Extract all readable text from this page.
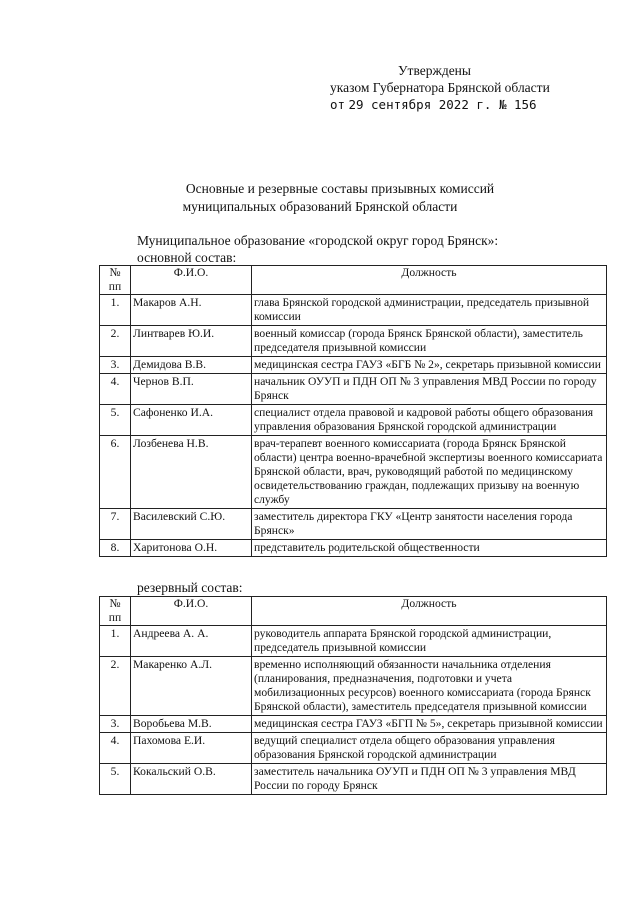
Утверждены
указом Губернатора Брянской области
от 29 сентября 2022 г. № 156
Основные и резервные составы призывных комиссий
муниципальных образований Брянской области
Муниципальное образование «городской округ город Брянск»:
основной состав:
№ пп	Ф.И.О.	Должность
1.	Макаров А.Н.	глава Брянской городской администрации, председатель призывной комиссии
2.	Линтварев Ю.И.	военный комиссар (города Брянск Брянской области), заместитель председателя призывной комиссии
3.	Демидова В.В.	медицинская сестра ГАУЗ «БГБ № 2», секретарь призывной комиссии
4.	Чернов В.П.	начальник ОУУП и ПДН ОП № 3 управления МВД России по городу Брянск
5.	Сафоненко И.А.	специалист отдела правовой и кадровой работы общего образования управления образования Брянской городской администрации
6.	Лозбенева Н.В.	врач-терапевт военного комиссариата (города Брянск Брянской области) центра военно-врачебной экспертизы военного комиссариата Брянской области, врач, руководящий работой по медицинскому освидетельствованию граждан, подлежащих призыву на военную службу
7.	Василевский С.Ю.	заместитель директора ГКУ «Центр занятости населения города Брянск»
8.	Харитонова О.Н.	представитель родительской общественности
резервный состав:
№ пп	Ф.И.О.	Должность
1.	Андреева А. А.	руководитель аппарата Брянской городской администрации, председатель призывной комиссии
2.	Макаренко А.Л.	временно исполняющий обязанности начальника отделения (планирования, предназначения, подготовки и учета мобилизационных ресурсов) военного комиссариата (города Брянск Брянской области), заместитель председателя призывной комиссии
3.	Воробьева М.В.	медицинская сестра ГАУЗ «БГП № 5», секретарь призывной комиссии
4.	Пахомова Е.И.	ведущий специалист отдела общего образования управления образования Брянской городской администрации
5.	Кокальский О.В.	заместитель начальника ОУУП и ПДН ОП № 3 управления МВД России по городу Брянск
